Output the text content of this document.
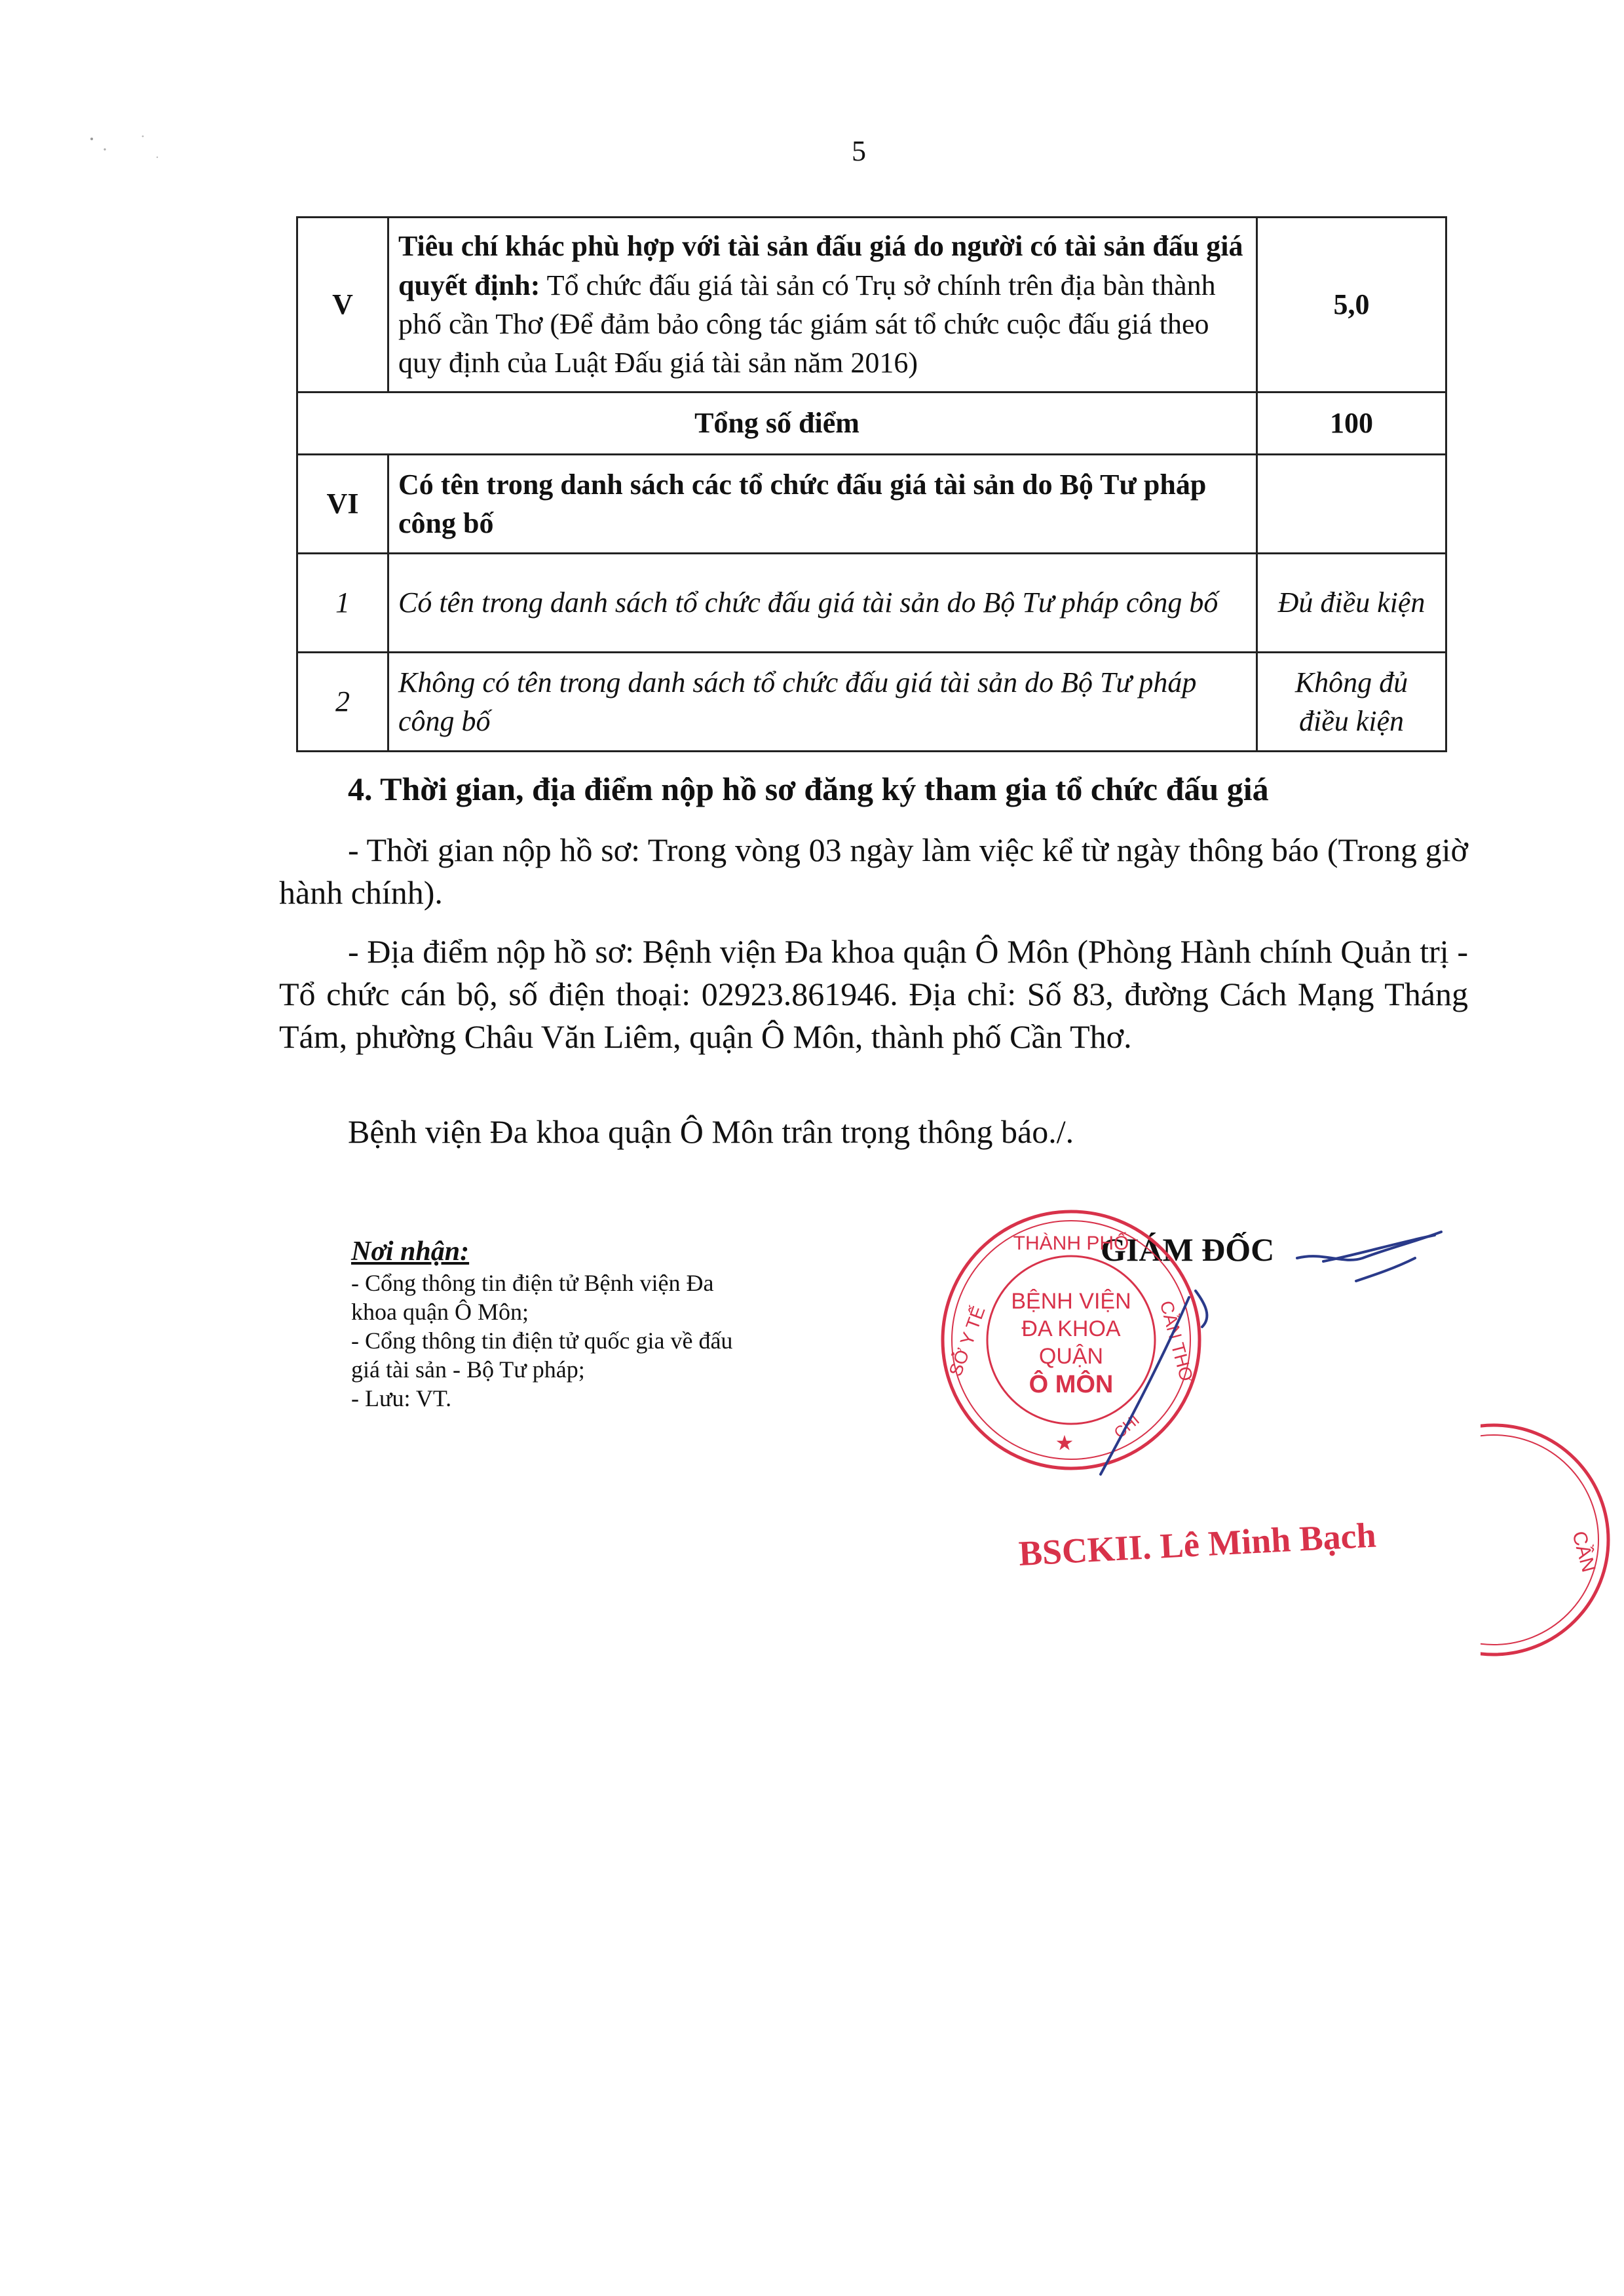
5
V	Tiêu chí khác phù hợp với tài sản đấu giá do người có tài sản đấu giá quyết định: Tổ chức đấu giá tài sản có Trụ sở chính trên địa bàn thành phố cần Thơ (Để đảm bảo công tác giám sát tổ chức cuộc đấu giá theo quy định của Luật Đấu giá tài sản năm 2016)	5,0
Tổng số điểm		100
VI	Có tên trong danh sách các tổ chức đấu giá tài sản do Bộ Tư pháp công bố	
1	Có tên trong danh sách tổ chức đấu giá tài sản do Bộ Tư pháp công bố	Đủ điều kiện
2	Không có tên trong danh sách tổ chức đấu giá tài sản do Bộ Tư pháp công bố	Không đủ điều kiện
4. Thời gian, địa điểm nộp hồ sơ đăng ký tham gia tổ chức đấu giá
- Thời gian nộp hồ sơ: Trong vòng 03 ngày làm việc kể từ ngày thông báo (Trong giờ hành chính).
- Địa điểm nộp hồ sơ: Bệnh viện Đa khoa quận Ô Môn (Phòng Hành chính Quản trị - Tổ chức cán bộ, số điện thoại: 02923.861946. Địa chỉ: Số 83, đường Cách Mạng Tháng Tám, phường Châu Văn Liêm, quận Ô Môn, thành phố Cần Thơ.
Bệnh viện Đa khoa quận Ô Môn trân trọng thông báo./.
Nơi nhận:
- Cổng thông tin điện tử Bệnh viện Đa khoa quận Ô Môn;
- Cổng thông tin điện tử quốc gia về đấu giá tài sản - Bộ Tư pháp;
- Lưu: VT.
GIÁM ĐỐC
THÀNH PHỐ
SỞ Y TẾ	CẦN THƠ
CHI
BỆNH VIỆN
ĐA KHOA
QUẬN
Ô MÔN
★
CẦN
BSCKII. Lê Minh Bạch
